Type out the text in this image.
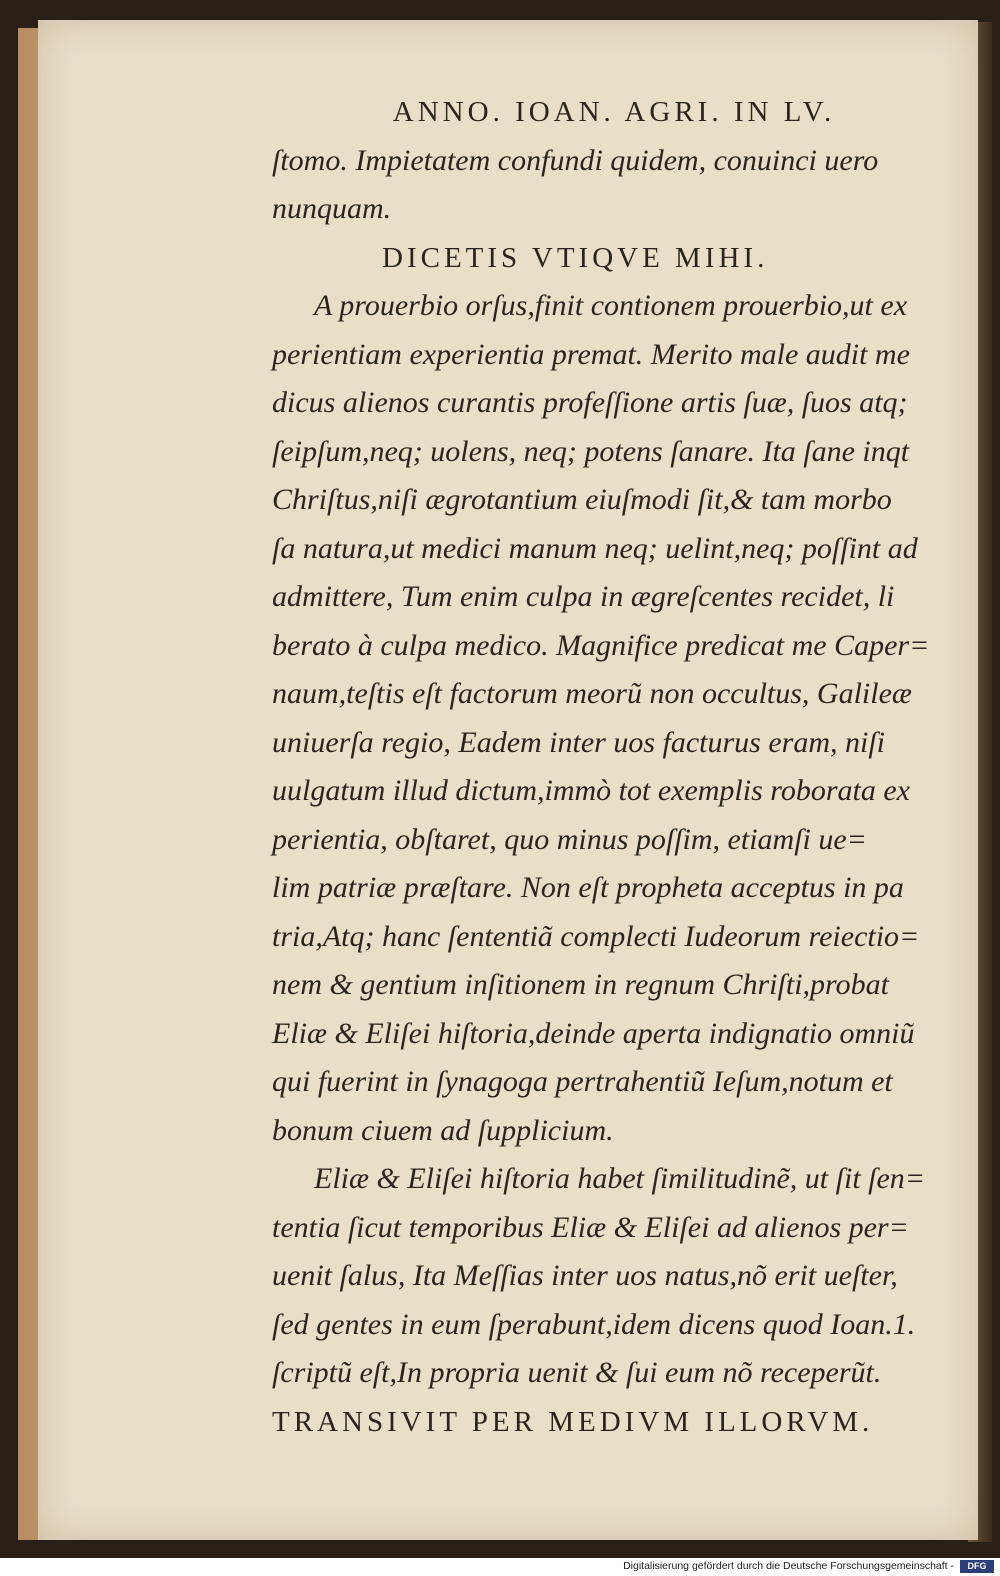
ANNO. IOAN. AGRI. IN LV.
ſtomo. Impietatem confundi quidem, conuinci uero
nunquam.
DICETIS VTIQVE MIHI.
A prouerbio orſus,finit contionem prouerbio,ut ex
perientiam experientia premat. Merito male audit me
dicus alienos curantis profeſſione artis ſuæ, ſuos atq;
ſeipſum,neq; uolens, neq; potens ſanare. Ita ſane inqt
Chriſtus,niſi ægrotantium eiuſmodi ſit,& tam morbo
ſa natura,ut medici manum neq; uelint,neq; poſſint ad
admittere, Tum enim culpa in ægreſcentes recidet, li
berato à culpa medico. Magnifice predicat me Caper=
naum,teſtis eſt factorum meorũ non occultus, Galileæ
uniuerſa regio, Eadem inter uos facturus eram, niſi
uulgatum illud dictum,immò tot exemplis roborata ex
perientia, obſtaret, quo minus poſſim, etiamſi ue=
lim patriæ præſtare. Non eſt propheta acceptus in pa
tria,Atq; hanc ſententiã complecti Iudeorum reiectio=
nem & gentium inſitionem in regnum Chriſti,probat
Eliæ & Eliſei hiſtoria,deinde aperta indignatio omniũ
qui fuerint in ſynagoga pertrahentiũ Ieſum,notum et
bonum ciuem ad ſupplicium.
Eliæ & Eliſei hiſtoria habet ſimilitudinẽ, ut ſit ſen=
tentia ſicut temporibus Eliæ & Eliſei ad alienos per=
uenit ſalus, Ita Meſſias inter uos natus,nõ erit ueſter,
ſed gentes in eum ſperabunt,idem dicens quod Ioan.1.
ſcriptũ eſt,In propria uenit & ſui eum nõ receperũt.
TRANSIVIT PER MEDIVM ILLORVM.
Digitalisierung gefördert durch die Deutsche Forschungsgemeinschaft -	DFG
